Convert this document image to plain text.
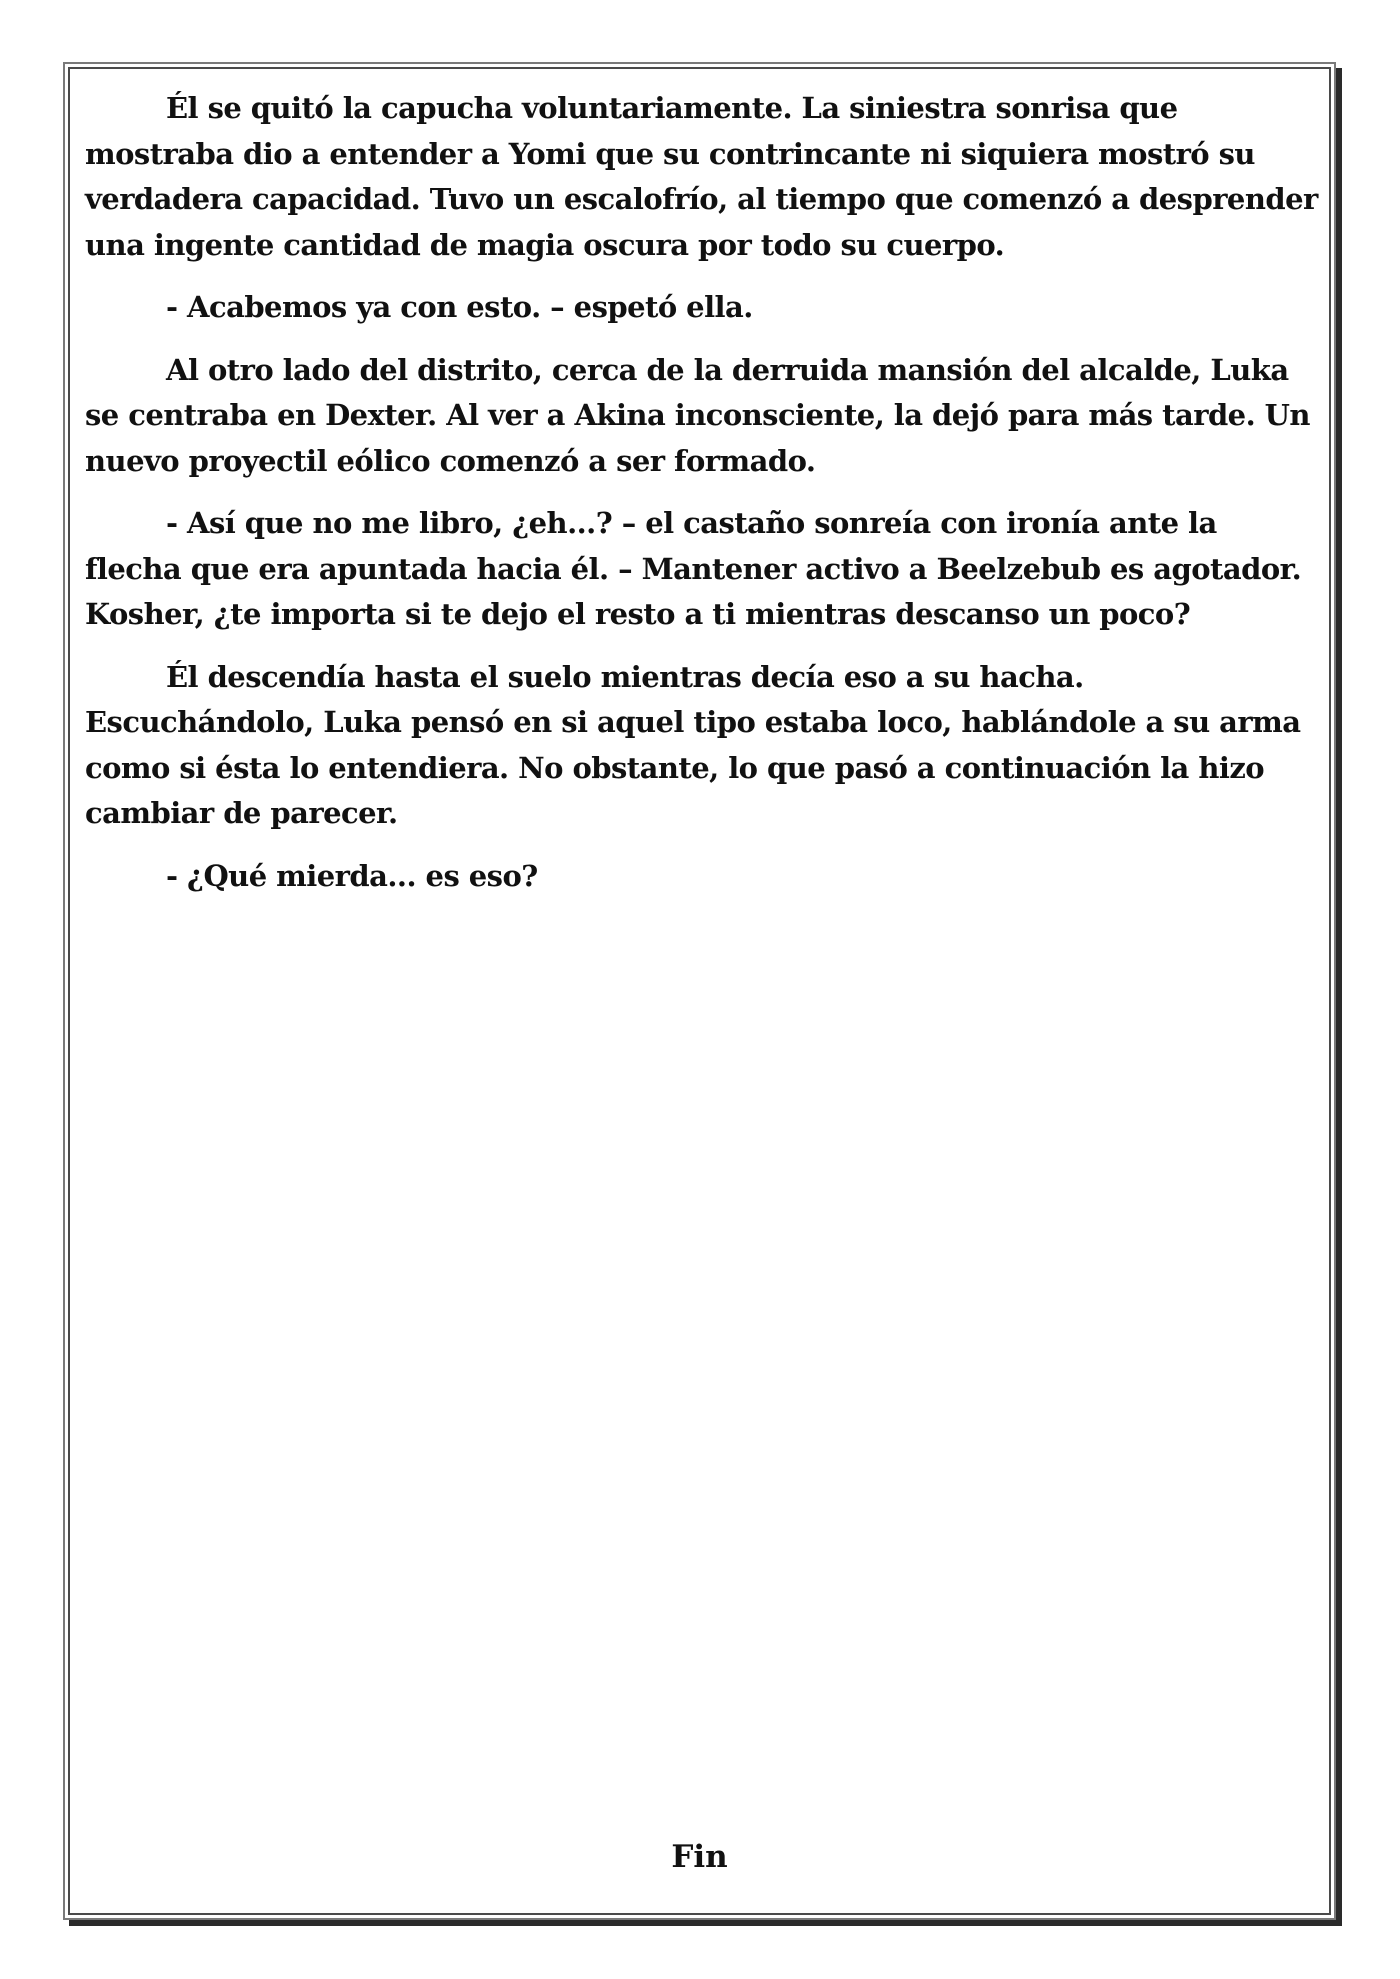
Él se quitó la capucha voluntariamente. La siniestra sonrisa que mostraba dio a entender a Yomi que su contrincante ni siquiera mostró su verdadera capacidad. Tuvo un escalofrío, al tiempo que comenzó a desprender una ingente cantidad de magia oscura por todo su cuerpo.

- Acabemos ya con esto. – espetó ella.

Al otro lado del distrito, cerca de la derruida mansión del alcalde, Luka se centraba en Dexter. Al ver a Akina inconsciente, la dejó para más tarde. Un nuevo proyectil eólico comenzó a ser formado.

- Así que no me libro, ¿eh...? – el castaño sonreía con ironía ante la flecha que era apuntada hacia él. – Mantener activo a Beelzebub es agotador. Kosher, ¿te importa si te dejo el resto a ti mientras descanso un poco?

Él descendía hasta el suelo mientras decía eso a su hacha. Escuchándolo, Luka pensó en si aquel tipo estaba loco, hablándole a su arma como si ésta lo entendiera. No obstante, lo que pasó a continuación la hizo cambiar de parecer.

- ¿Qué mierda... es eso?

Fin
